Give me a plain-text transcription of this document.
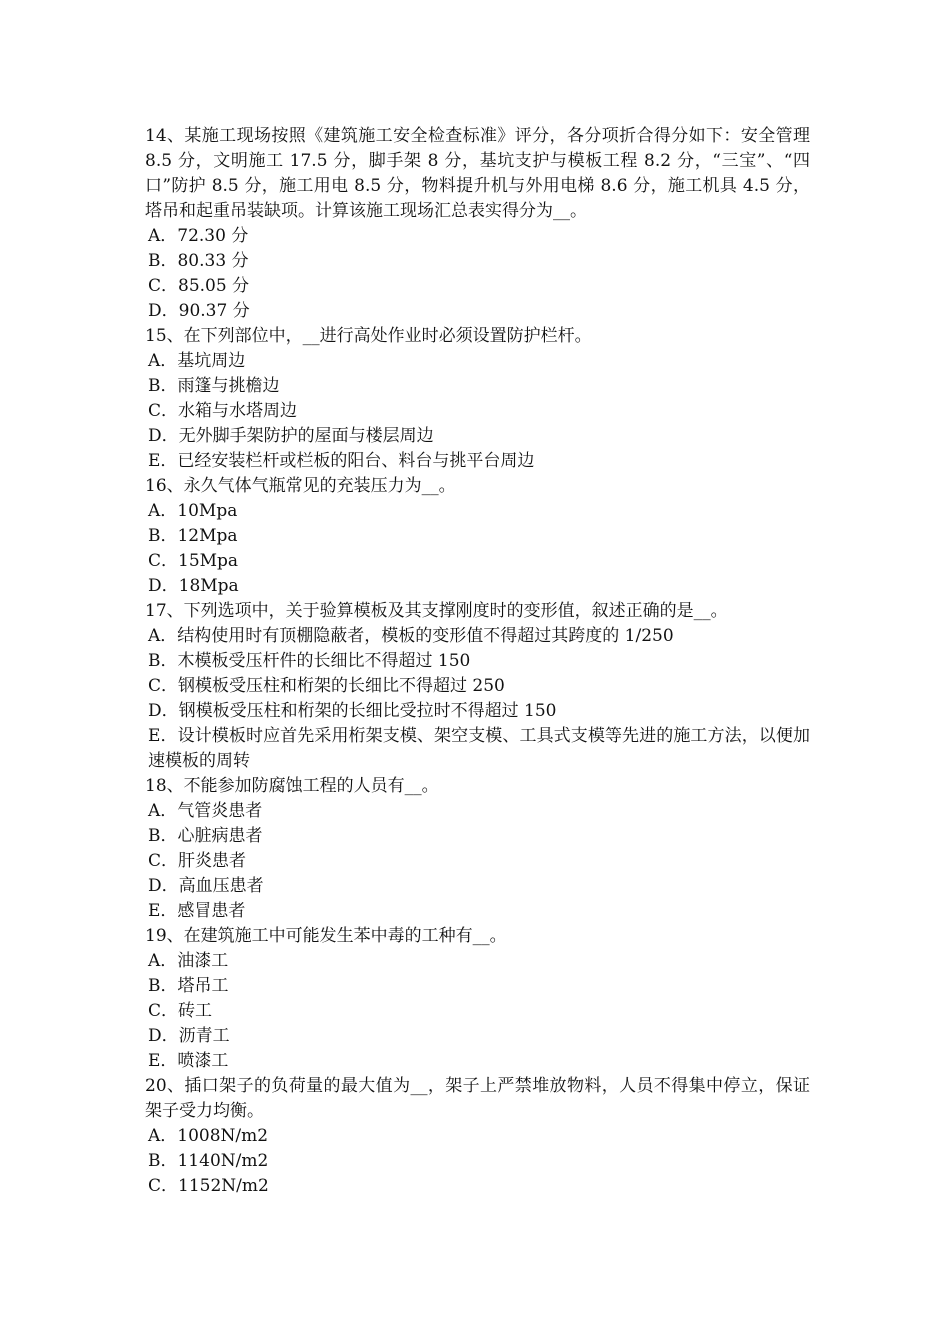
14、某施工现场按照《建筑施工安全检查标准》评分，各分项折合得分如下：安全管理 8.5 分，文明施工 17.5 分，脚手架 8 分，基坑支护与模板工程 8.2 分，“三宝”、“四口”防护 8.5 分，施工用电 8.5 分，物料提升机与外用电梯 8.6 分，施工机具 4.5 分，塔吊和起重吊装缺项。计算该施工现场汇总表实得分为__。

A．72.30 分

B．80.33 分

C．85.05 分

D．90.37 分

15、在下列部位中，__进行高处作业时必须设置防护栏杆。

A．基坑周边

B．雨篷与挑檐边

C．水箱与水塔周边

D．无外脚手架防护的屋面与楼层周边

E．已经安装栏杆或栏板的阳台、料台与挑平台周边

16、永久气体气瓶常见的充装压力为__。

A．10Mpa

B．12Mpa

C．15Mpa

D．18Mpa

17、下列选项中，关于验算模板及其支撑刚度时的变形值，叙述正确的是__。

A．结构使用时有顶棚隐蔽者，模板的变形值不得超过其跨度的 1/250

B．木模板受压杆件的长细比不得超过 150

C．钢模板受压柱和桁架的长细比不得超过 250

D．钢模板受压柱和桁架的长细比受拉时不得超过 150

E．设计模板时应首先采用桁架支模、架空支模、工具式支模等先进的施工方法，以便加速模板的周转

18、不能参加防腐蚀工程的人员有__。

A．气管炎患者

B．心脏病患者

C．肝炎患者

D．高血压患者

E．感冒患者

19、在建筑施工中可能发生苯中毒的工种有__。

A．油漆工

B．塔吊工

C．砖工

D．沥青工

E．喷漆工

20、插口架子的负荷量的最大值为__，架子上严禁堆放物料，人员不得集中停立，保证架子受力均衡。

A．1008N/m2

B．1140N/m2

C．1152N/m2
